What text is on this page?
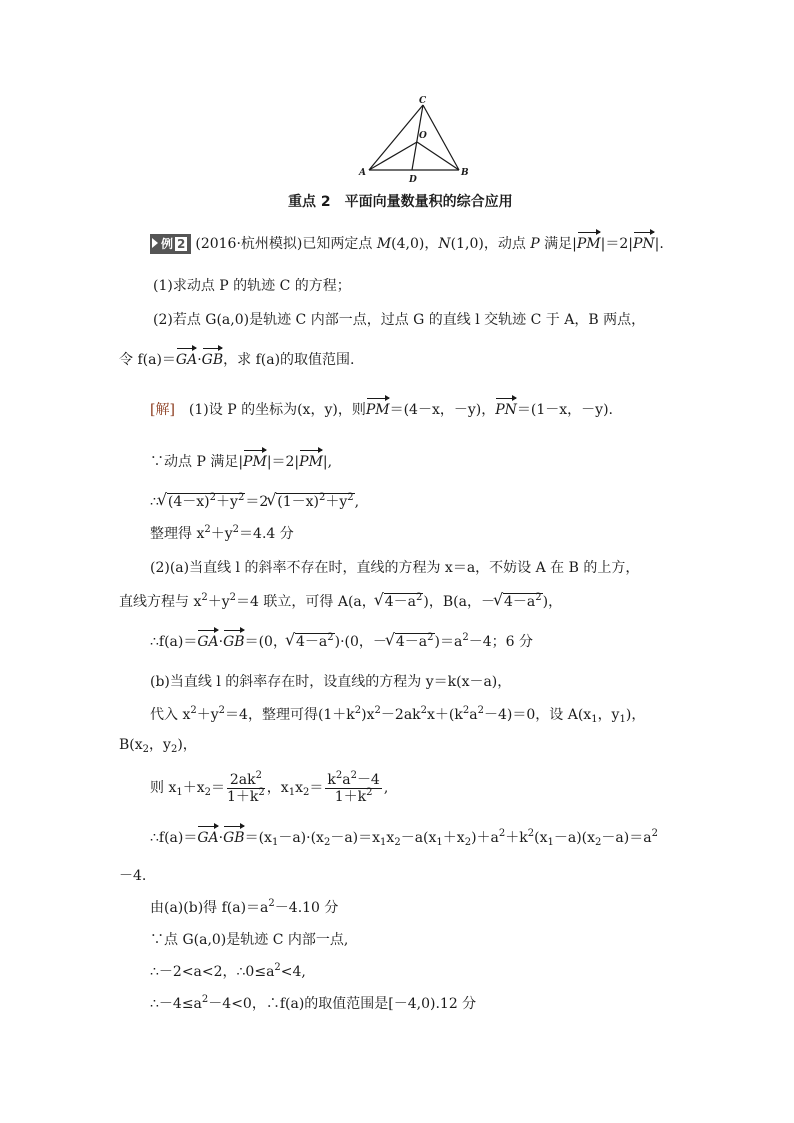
C
O
A
D
B
重点 2　平面向量数量积的综合应用
例 2 (2016·杭州模拟)已知两定点 M(4,0)，N(1,0)，动点 P 满足|PM|＝2|PN|.
(1)求动点 P 的轨迹 C 的方程；
(2)若点 G(a,0)是轨迹 C 内部一点，过点 G 的直线 l 交轨迹 C 于 A，B 两点，
令 f(a)＝GA·GB，求 f(a)的取值范围.
[解]　(1)设 P 的坐标为(x，y)，则PM＝(4－x，－y)，PN＝(1－x，－y).
∵动点 P 满足|PM|＝2|PM|,
∴√ $(4-x)^2+y^2=2√$ $(1-x)^2+y^2$,
整理得 $x^2+y^2=4.4$ 分
(2)(a)当直线 l 的斜率不存在时，直线的方程为 x＝a，不妨设 A 在 B 的上方，
直线方程与 $x^2+y^2=4$ 联立，可得 A(a，√ $4-a^2$)，B(a，－√ $4-a^2$)，
∴f(a)＝GA·GB＝(0，√ $4-a^2)\cdot(0$，－√ $4-a^2)=a^2-4$；6 分
(b)当直线 l 的斜率存在时，设直线的方程为 y＝k(x－a)，
代入 $x^2+y^2=4$，整理可得$(1+k^2)x^2-2ak^2x+(k^2a^2-4)=0$，设 $A(x_1$，$y_1$)，
$B(x_2$，$y_2$)，
则 $x_1+x_2= \frac{2ak^2}{1+k^2}$ ，$x_1x_2= \frac{k^2a^2-4}{1+k^2}$ ,
$\therefore f(a)=GA\cdot GB=(x_1-a)\cdot(x_2-a)=x_1x_2-a(x_1+x_2)+a^2+k^2(x_1-a)(x_2-a)=a^2$
－4.
由(a)(b)得 $f(a)=a^2-4.10$ 分
∵点 G(a,0)是轨迹 C 内部一点,
∴－2<a<2，$\therefore 0\le a^2<4$,
$\therefore-4\le a^2-4<0$，∴f(a)的取值范围是[－4,0).12 分
